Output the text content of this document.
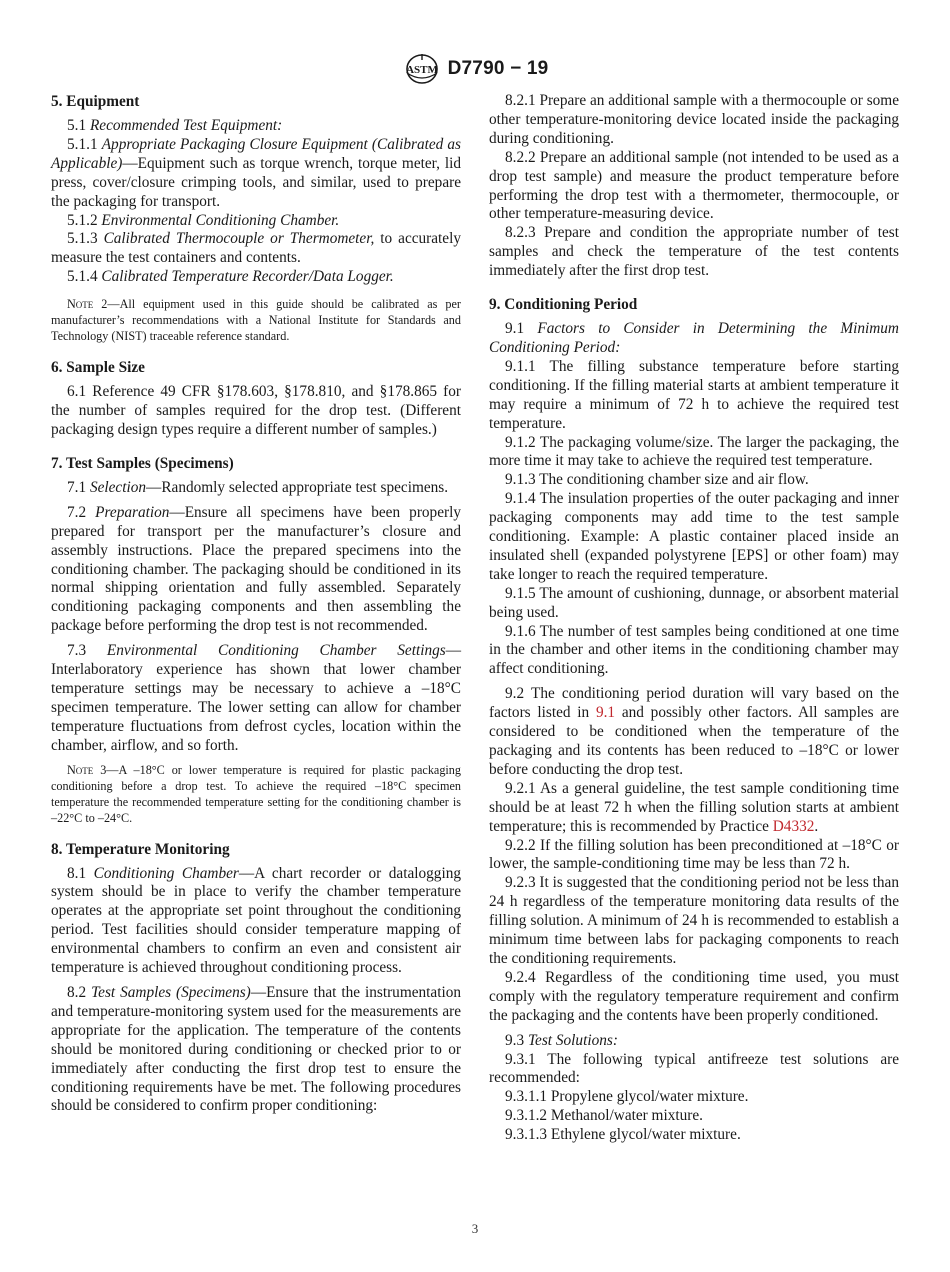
ASTM D7790 − 19
5. Equipment

5.1 Recommended Test Equipment:

5.1.1 Appropriate Packaging Closure Equipment (Calibrated as Applicable)—Equipment such as torque wrench, torque meter, lid press, cover/closure crimping tools, and similar, used to prepare the packaging for transport.

5.1.2 Environmental Conditioning Chamber.

5.1.3 Calibrated Thermocouple or Thermometer, to accurately measure the test containers and contents.

5.1.4 Calibrated Temperature Recorder/Data Logger.

Note 2—All equipment used in this guide should be calibrated as per manufacturer’s recommendations with a National Institute for Standards and Technology (NIST) traceable reference standard.

6. Sample Size

6.1 Reference 49 CFR §178.603, §178.810, and §178.865 for the number of samples required for the drop test. (Different packaging design types require a different number of samples.)

7. Test Samples (Specimens)

7.1 Selection—Randomly selected appropriate test specimens.

7.2 Preparation—Ensure all specimens have been properly prepared for transport per the manufacturer’s closure and assembly instructions. Place the prepared specimens into the conditioning chamber. The packaging should be conditioned in its normal shipping orientation and fully assembled. Separately conditioning packaging components and then assembling the package before performing the drop test is not recommended.

7.3 Environmental Conditioning Chamber Settings—Interlaboratory experience has shown that lower chamber temperature settings may be necessary to achieve a –18°C specimen temperature. The lower setting can allow for chamber temperature fluctuations from defrost cycles, location within the chamber, airflow, and so forth.

Note 3—A –18°C or lower temperature is required for plastic packaging conditioning before a drop test. To achieve the required –18°C specimen temperature the recommended temperature setting for the conditioning chamber is –22°C to –24°C.

8. Temperature Monitoring

8.1 Conditioning Chamber—A chart recorder or datalogging system should be in place to verify the chamber temperature operates at the appropriate set point throughout the conditioning period. Test facilities should consider temperature mapping of environmental chambers to confirm an even and consistent air temperature is achieved throughout conditioning process.

8.2 Test Samples (Specimens)—Ensure that the instrumentation and temperature-monitoring system used for the measurements are appropriate for the application. The temperature of the contents should be monitored during conditioning or checked prior to or immediately after conducting the first drop test to ensure the conditioning requirements have be met. The following procedures should be considered to confirm proper conditioning:

8.2.1 Prepare an additional sample with a thermocouple or some other temperature-monitoring device located inside the packaging during conditioning.

8.2.2 Prepare an additional sample (not intended to be used as a drop test sample) and measure the product temperature before performing the drop test with a thermometer, thermocouple, or other temperature-measuring device.

8.2.3 Prepare and condition the appropriate number of test samples and check the temperature of the test contents immediately after the first drop test.

9. Conditioning Period

9.1 Factors to Consider in Determining the Minimum Conditioning Period:

9.1.1 The filling substance temperature before starting conditioning. If the filling material starts at ambient temperature it may require a minimum of 72 h to achieve the required test temperature.

9.1.2 The packaging volume/size. The larger the packaging, the more time it may take to achieve the required test temperature.

9.1.3 The conditioning chamber size and air flow.

9.1.4 The insulation properties of the outer packaging and inner packaging components may add time to the test sample conditioning. Example: A plastic container placed inside an insulated shell (expanded polystyrene [EPS] or other foam) may take longer to reach the required temperature.

9.1.5 The amount of cushioning, dunnage, or absorbent material being used.

9.1.6 The number of test samples being conditioned at one time in the chamber and other items in the conditioning chamber may affect conditioning.

9.2 The conditioning period duration will vary based on the factors listed in 9.1 and possibly other factors. All samples are considered to be conditioned when the temperature of the packaging and its contents has been reduced to –18°C or lower before conducting the drop test.

9.2.1 As a general guideline, the test sample conditioning time should be at least 72 h when the filling solution starts at ambient temperature; this is recommended by Practice D4332.

9.2.2 If the filling solution has been preconditioned at –18°C or lower, the sample-conditioning time may be less than 72 h.

9.2.3 It is suggested that the conditioning period not be less than 24 h regardless of the temperature monitoring data results of the filling solution. A minimum of 24 h is recommended to establish a minimum time between labs for packaging components to reach the conditioning requirements.

9.2.4 Regardless of the conditioning time used, you must comply with the regulatory temperature requirement and confirm the packaging and the contents have been properly conditioned.

9.3 Test Solutions:

9.3.1 The following typical antifreeze test solutions are recommended:

9.3.1.1 Propylene glycol/water mixture.

9.3.1.2 Methanol/water mixture.

9.3.1.3 Ethylene glycol/water mixture.

3
